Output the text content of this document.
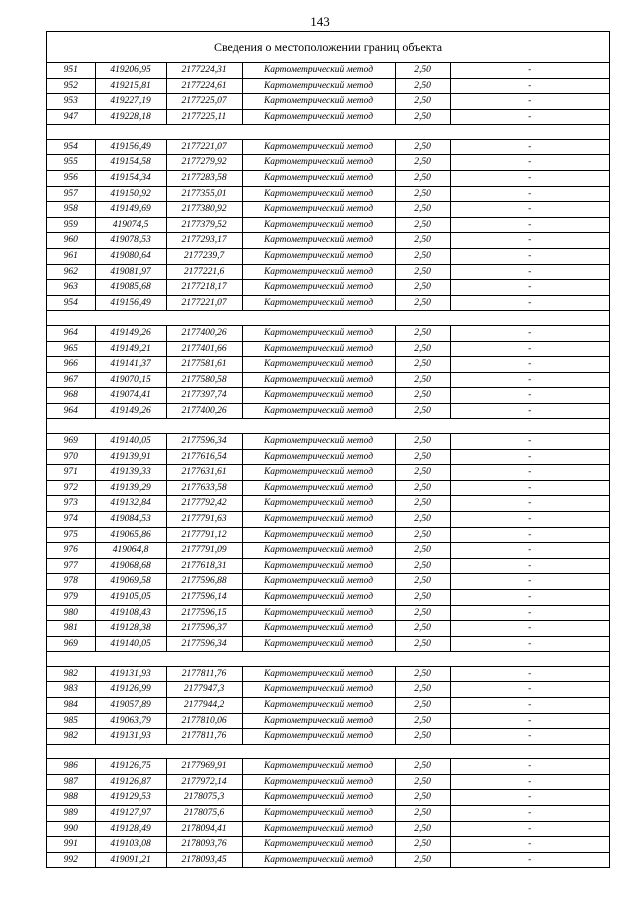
143
Сведения о местоположении границ объекта
951	419206,95	2177224,31	Картометрический метод	2,50	-
952	419215,81	2177224,61	Картометрический метод	2,50	-
953	419227,19	2177225,07	Картометрический метод	2,50	-
947	419228,18	2177225,11	Картометрический метод	2,50	-

954	419156,49	2177221,07	Картометрический метод	2,50	-
955	419154,58	2177279,92	Картометрический метод	2,50	-
956	419154,34	2177283,58	Картометрический метод	2,50	-
957	419150,92	2177355,01	Картометрический метод	2,50	-
958	419149,69	2177380,92	Картометрический метод	2,50	-
959	419074,5	2177379,52	Картометрический метод	2,50	-
960	419078,53	2177293,17	Картометрический метод	2,50	-
961	419080,64	2177239,7	Картометрический метод	2,50	-
962	419081,97	2177221,6	Картометрический метод	2,50	-
963	419085,68	2177218,17	Картометрический метод	2,50	-
954	419156,49	2177221,07	Картометрический метод	2,50	-

964	419149,26	2177400,26	Картометрический метод	2,50	-
965	419149,21	2177401,66	Картометрический метод	2,50	-
966	419141,37	2177581,61	Картометрический метод	2,50	-
967	419070,15	2177580,58	Картометрический метод	2,50	-
968	419074,41	2177397,74	Картометрический метод	2,50	-
964	419149,26	2177400,26	Картометрический метод	2,50	-

969	419140,05	2177596,34	Картометрический метод	2,50	-
970	419139,91	2177616,54	Картометрический метод	2,50	-
971	419139,33	2177631,61	Картометрический метод	2,50	-
972	419139,29	2177633,58	Картометрический метод	2,50	-
973	419132,84	2177792,42	Картометрический метод	2,50	-
974	419084,53	2177791,63	Картометрический метод	2,50	-
975	419065,86	2177791,12	Картометрический метод	2,50	-
976	419064,8	2177791,09	Картометрический метод	2,50	-
977	419068,68	2177618,31	Картометрический метод	2,50	-
978	419069,58	2177596,88	Картометрический метод	2,50	-
979	419105,05	2177596,14	Картометрический метод	2,50	-
980	419108,43	2177596,15	Картометрический метод	2,50	-
981	419128,38	2177596,37	Картометрический метод	2,50	-
969	419140,05	2177596,34	Картометрический метод	2,50	-

982	419131,93	2177811,76	Картометрический метод	2,50	-
983	419126,99	2177947,3	Картометрический метод	2,50	-
984	419057,89	2177944,2	Картометрический метод	2,50	-
985	419063,79	2177810,06	Картометрический метод	2,50	-
982	419131,93	2177811,76	Картометрический метод	2,50	-

986	419126,75	2177969,91	Картометрический метод	2,50	-
987	419126,87	2177972,14	Картометрический метод	2,50	-
988	419129,53	2178075,3	Картометрический метод	2,50	-
989	419127,97	2178075,6	Картометрический метод	2,50	-
990	419128,49	2178094,41	Картометрический метод	2,50	-
991	419103,08	2178093,76	Картометрический метод	2,50	-
992	419091,21	2178093,45	Картометрический метод	2,50	-
